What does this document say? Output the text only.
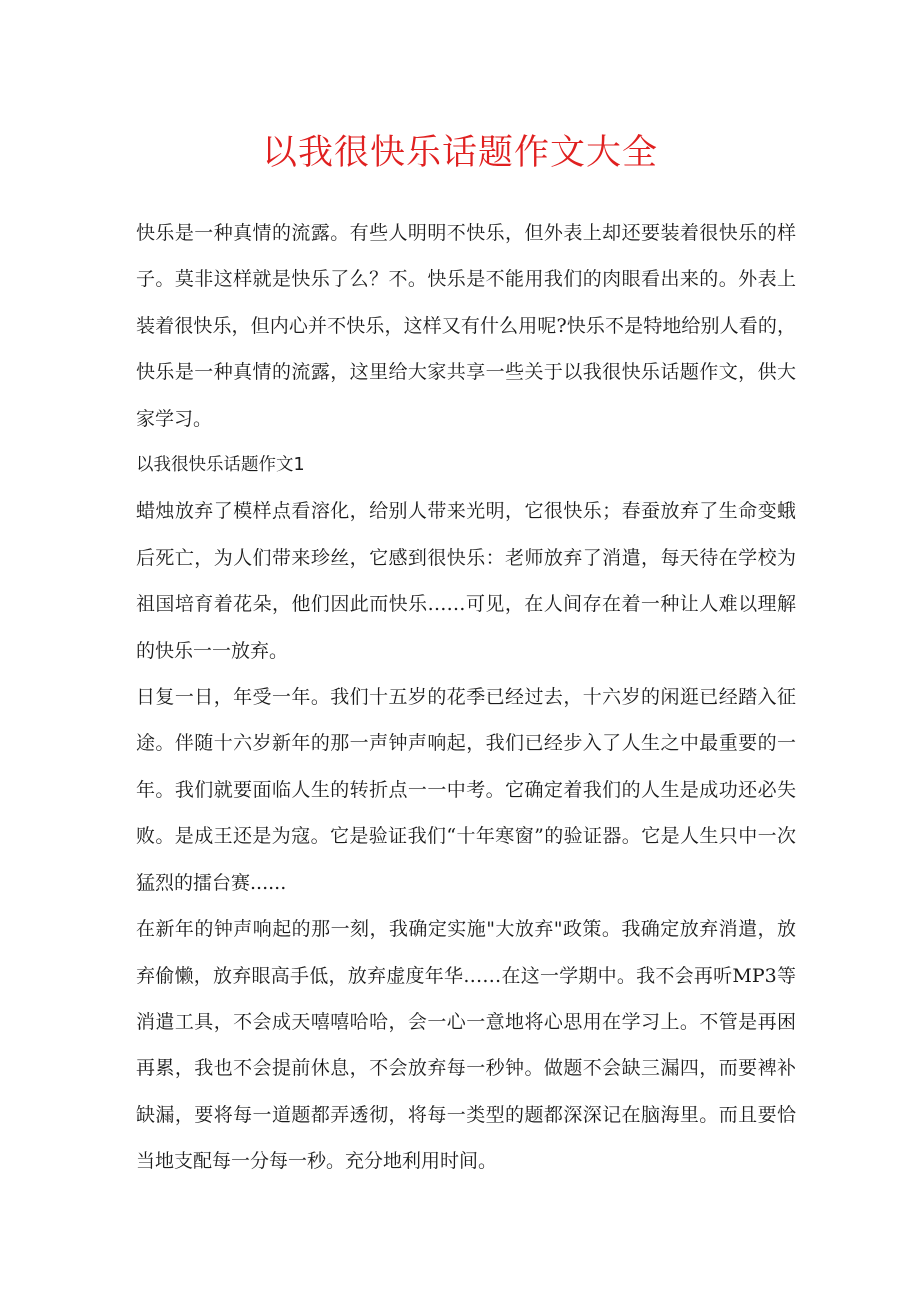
以我很快乐话题作文大全

快乐是一种真情的流露。有些人明明不快乐，但外表上却还要装着很快乐的样子。莫非这样就是快乐了么？不。快乐是不能用我们的肉眼看出来的。外表上装着很快乐，但内心并不快乐，这样又有什么用呢?快乐不是特地给别人看的，快乐是一种真情的流露，这里给大家共享一些关于以我很快乐话题作文，供大家学习。

以我很快乐话题作文1

蜡烛放弃了模样点看溶化，给别人带来光明，它很快乐；春蚕放弃了生命变蛾后死亡，为人们带来珍丝，它感到很快乐：老师放弃了消遣，每天待在学校为祖国培育着花朵，他们因此而快乐……可见，在人间存在着一种让人难以理解的快乐一一放弃。

日复一日，年受一年。我们十五岁的花季已经过去，十六岁的闲逛已经踏入征途。伴随十六岁新年的那一声钟声响起，我们已经步入了人生之中最重要的一年。我们就要面临人生的转折点一一中考。它确定着我们的人生是成功还必失败。是成王还是为寇。它是验证我们“十年寒窗”的验证器。它是人生只中一次猛烈的擂台赛......

在新年的钟声响起的那一刻，我确定实施"大放弃"政策。我确定放弃消遣，放弃偷懒，放弃眼高手低，放弃虚度年华……在这一学期中。我不会再听MP3等消遣工具，不会成天嘻嘻哈哈，会一心一意地将心思用在学习上。不管是再困再累，我也不会提前休息，不会放弃每一秒钟。做题不会缺三漏四，而要裨补缺漏，要将每一道题都弄透彻，将每一类型的题都深深记在脑海里。而且要恰当地支配每一分每一秒。充分地利用时间。
